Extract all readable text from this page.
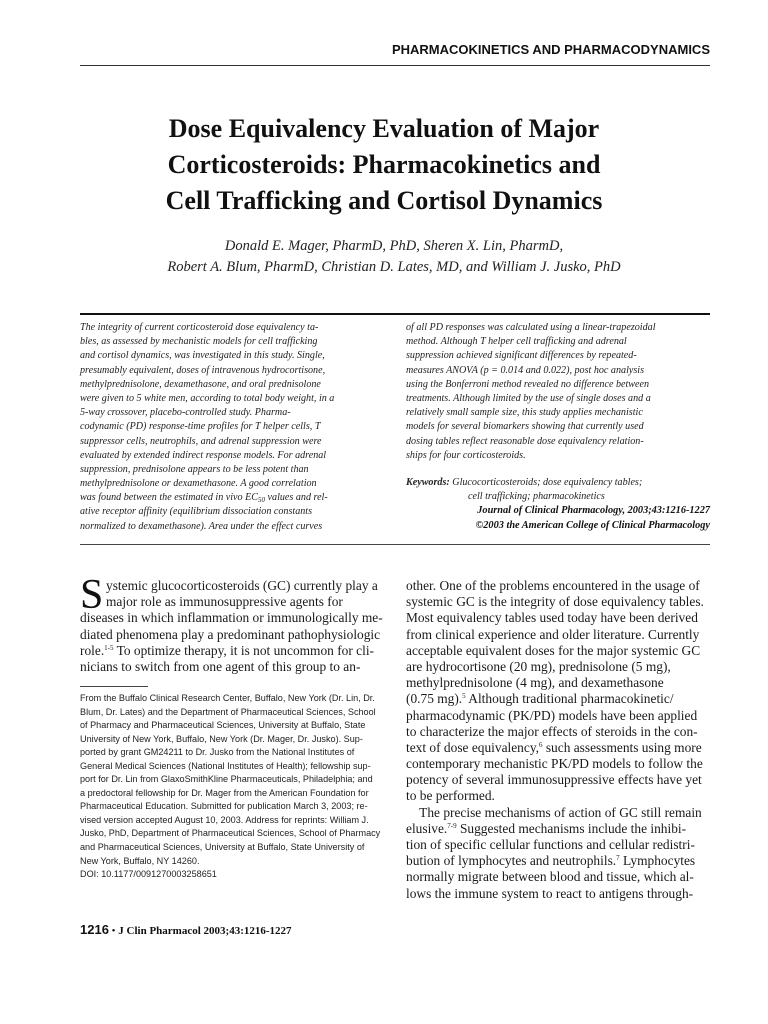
PHARMACOKINETICS AND PHARMACODYNAMICS
Dose Equivalency Evaluation of Major
Corticosteroids: Pharmacokinetics and
Cell Trafficking and Cortisol Dynamics
Donald E. Mager, PharmD, PhD, Sheren X. Lin, PharmD,
Robert A. Blum, PharmD, Christian D. Lates, MD, and William J. Jusko, PhD
The integrity of current corticosteroid dose equivalency ta-
bles, as assessed by mechanistic models for cell trafficking
and cortisol dynamics, was investigated in this study. Single,
presumably equivalent, doses of intravenous hydrocortisone,
methylprednisolone, dexamethasone, and oral prednisolone
were given to 5 white men, according to total body weight, in a
5-way crossover, placebo-controlled study. Pharma-
codynamic (PD) response-time profiles for T helper cells, T
suppressor cells, neutrophils, and adrenal suppression were
evaluated by extended indirect response models. For adrenal
suppression, prednisolone appears to be less potent than
methylprednisolone or dexamethasone. A good correlation
was found between the estimated in vivo $EC_{50}$ values and rel-
ative receptor affinity (equilibrium dissociation constants
normalized to dexamethasone). Area under the effect curves
of all PD responses was calculated using a linear-trapezoidal
method. Although T helper cell trafficking and adrenal
suppression achieved significant differences by repeated-
measures ANOVA (p = 0.014 and 0.022), post hoc analysis
using the Bonferroni method revealed no difference between
treatments. Although limited by the use of single doses and a
relatively small sample size, this study applies mechanistic
models for several biomarkers showing that currently used
dosing tables reflect reasonable dose equivalency relation-
ships for four corticosteroids.
Keywords: Glucocorticosteroids; dose equivalency tables;
cell trafficking; pharmacokinetics
Journal of Clinical Pharmacology, 2003;43:1216-1227
©2003 the American College of Clinical Pharmacology
S ystemic glucocorticosteroids (GC) currently play a
major role as immunosuppressive agents for
diseases in which inflammation or immunologically me-
diated phenomena play a predominant pathophysiologic
role.$^{1-5}$ To optimize therapy, it is not uncommon for cli-
nicians to switch from one agent of this group to an-
From the Buffalo Clinical Research Center, Buffalo, New York (Dr. Lin, Dr.
Blum, Dr. Lates) and the Department of Pharmaceutical Sciences, School
of Pharmacy and Pharmaceutical Sciences, University at Buffalo, State
University of New York, Buffalo, New York (Dr. Mager, Dr. Jusko). Sup-
ported by grant GM24211 to Dr. Jusko from the National Institutes of
General Medical Sciences (National Institutes of Health); fellowship sup-
port for Dr. Lin from GlaxoSmithKline Pharmaceuticals, Philadelphia; and
a predoctoral fellowship for Dr. Mager from the American Foundation for
Pharmaceutical Education. Submitted for publication March 3, 2003; re-
vised version accepted August 10, 2003. Address for reprints: William J.
Jusko, PhD, Department of Pharmaceutical Sciences, School of Pharmacy
and Pharmaceutical Sciences, University at Buffalo, State University of
New York, Buffalo, NY 14260.
DOI: 10.1177/0091270003258651
other. One of the problems encountered in the usage of
systemic GC is the integrity of dose equivalency tables.
Most equivalency tables used today have been derived
from clinical experience and older literature. Currently
acceptable equivalent doses for the major systemic GC
are hydrocortisone (20 mg), prednisolone (5 mg),
methylprednisolone (4 mg), and dexamethasone
(0.75 mg).$^5$ Although traditional pharmacokinetic/
pharmacodynamic (PK/PD) models have been applied
to characterize the major effects of steroids in the con-
text of dose equivalency,$^6$ such assessments using more
contemporary mechanistic PK/PD models to follow the
potency of several immunosuppressive effects have yet
to be performed.
The precise mechanisms of action of GC still remain
elusive.$^{7-9}$ Suggested mechanisms include the inhibi-
tion of specific cellular functions and cellular redistri-
bution of lymphocytes and neutrophils.$^7$ Lymphocytes
normally migrate between blood and tissue, which al-
lows the immune system to react to antigens through-
1216 • J Clin Pharmacol 2003;43:1216-1227
